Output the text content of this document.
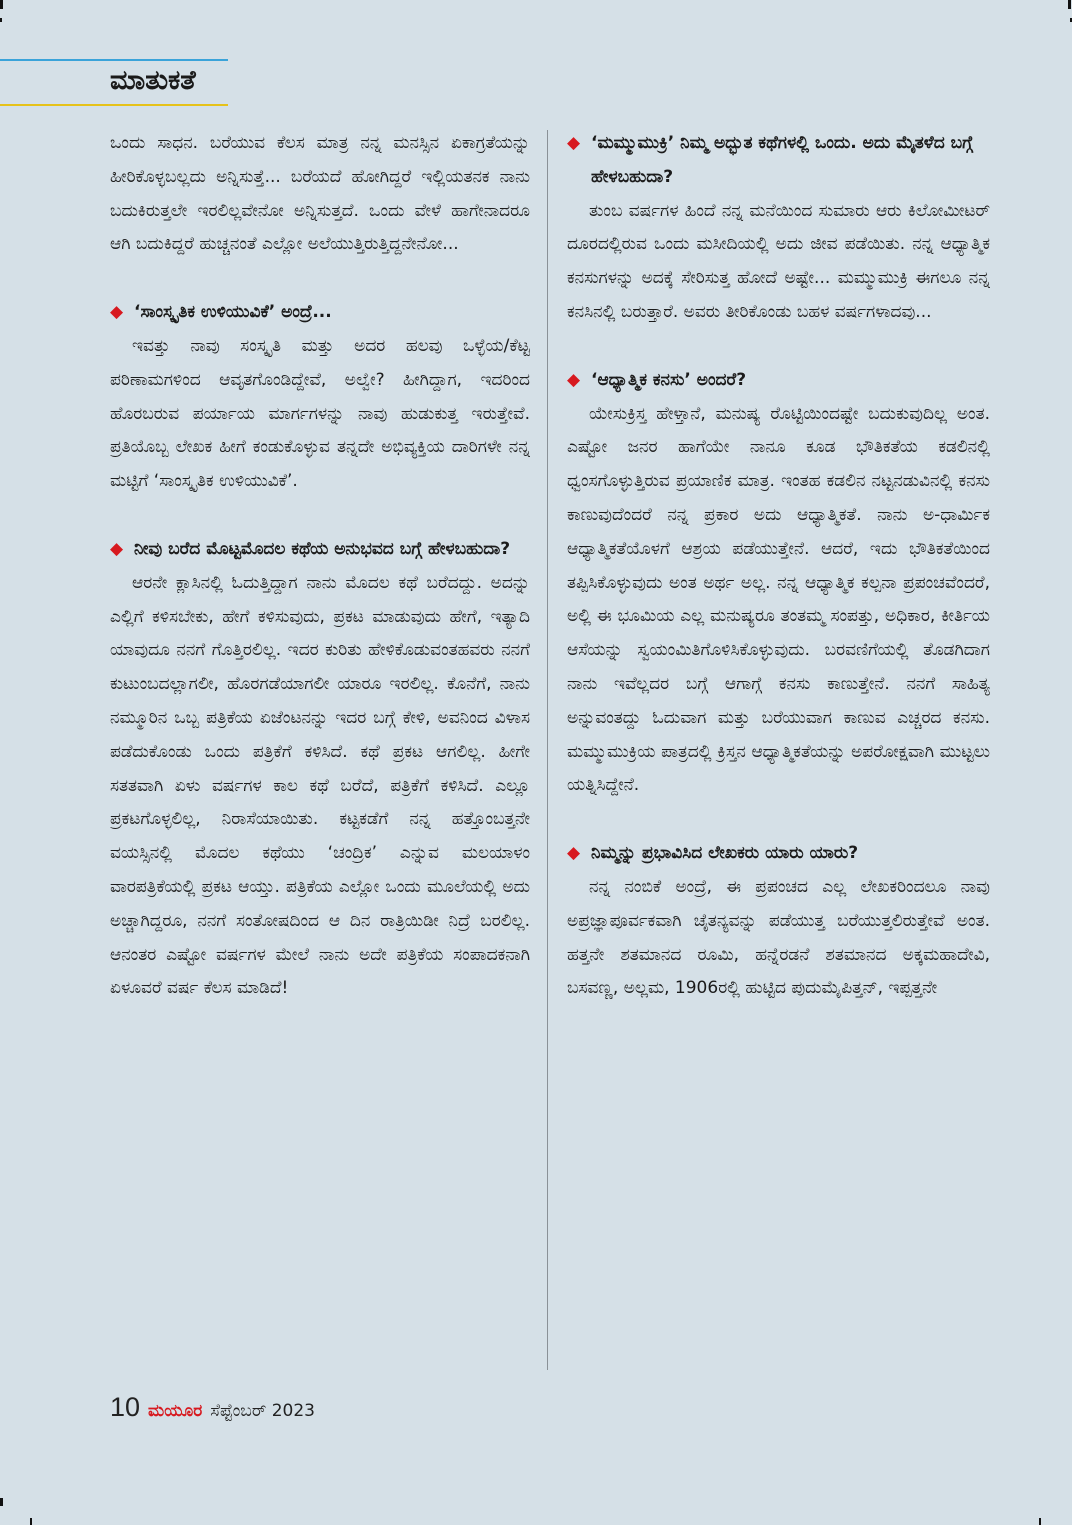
ಮಾತುಕತೆ

ಒಂದು ಸಾಧನ. ಬರೆಯುವ ಕೆಲಸ ಮಾತ್ರ ನನ್ನ ಮನಸ್ಸಿನ ಏಕಾಗ್ರತೆಯನ್ನು ಹೀರಿಕೊಳ್ಳಬಲ್ಲದು ಅನ್ನಿಸುತ್ತೆ... ಬರೆಯದೆ ಹೋಗಿದ್ದರೆ ಇಲ್ಲಿಯತನಕ ನಾನು ಬದುಕಿರುತ್ತಲೇ ಇರಲಿಲ್ಲವೇನೋ ಅನ್ನಿಸುತ್ತದೆ. ಒಂದು ವೇಳೆ ಹಾಗೇನಾದರೂ ಆಗಿ ಬದುಕಿದ್ದರೆ ಹುಚ್ಚನಂತೆ ಎಲ್ಲೋ ಅಲೆಯುತ್ತಿರುತ್ತಿದ್ದನೇನೋ...

◆ ‘ಸಾಂಸ್ಕೃತಿಕ ಉಳಿಯುವಿಕೆ’ ಅಂದ್ರೆ...

ಇವತ್ತು ನಾವು ಸಂಸ್ಕೃತಿ ಮತ್ತು ಅದರ ಹಲವು ಒಳ್ಳೆಯ/ಕೆಟ್ಟ ಪರಿಣಾಮಗಳಿಂದ ಆವೃತಗೊಂಡಿದ್ದೇವೆ, ಅಲ್ವೇ? ಹೀಗಿದ್ದಾಗ, ಇದರಿಂದ ಹೊರಬರುವ ಪರ್ಯಾಯ ಮಾರ್ಗಗಳನ್ನು ನಾವು ಹುಡುಕುತ್ತ ಇರುತ್ತೇವೆ. ಪ್ರತಿಯೊಬ್ಬ ಲೇಖಕ ಹೀಗೆ ಕಂಡುಕೊಳ್ಳುವ ತನ್ನದೇ ಅಭಿವ್ಯಕ್ತಿಯ ದಾರಿಗಳೇ ನನ್ನ ಮಟ್ಟಿಗೆ ‘ಸಾಂಸ್ಕೃತಿಕ ಉಳಿಯುವಿಕೆ’.

◆ ನೀವು ಬರೆದ ಮೊಟ್ಟಮೊದಲ ಕಥೆಯ ಅನುಭವದ ಬಗ್ಗೆ ಹೇಳಬಹುದಾ?

ಆರನೇ ಕ್ಲಾಸಿನಲ್ಲಿ ಓದುತ್ತಿದ್ದಾಗ ನಾನು ಮೊದಲ ಕಥೆ ಬರೆದದ್ದು. ಅದನ್ನು ಎಲ್ಲಿಗೆ ಕಳಿಸಬೇಕು, ಹೇಗೆ ಕಳಿಸುವುದು, ಪ್ರಕಟ ಮಾಡುವುದು ಹೇಗೆ, ಇತ್ಯಾದಿ ಯಾವುದೂ ನನಗೆ ಗೊತ್ತಿರಲಿಲ್ಲ. ಇದರ ಕುರಿತು ಹೇಳಿಕೊಡುವಂತಹವರು ನನಗೆ ಕುಟುಂಬದಲ್ಲಾಗಲೀ, ಹೊರಗಡೆಯಾಗಲೀ ಯಾರೂ ಇರಲಿಲ್ಲ. ಕೊನೆಗೆ, ನಾನು ನಮ್ಮೂರಿನ ಒಬ್ಬ ಪತ್ರಿಕೆಯ ಏಜೆಂಟನನ್ನು ಇದರ ಬಗ್ಗೆ ಕೇಳಿ, ಅವನಿಂದ ವಿಳಾಸ ಪಡೆದುಕೊಂಡು ಒಂದು ಪತ್ರಿಕೆಗೆ ಕಳಿಸಿದೆ. ಕಥೆ ಪ್ರಕಟ ಆಗಲಿಲ್ಲ. ಹೀಗೇ ಸತತವಾಗಿ ಏಳು ವರ್ಷಗಳ ಕಾಲ ಕಥೆ ಬರೆದೆ, ಪತ್ರಿಕೆಗೆ ಕಳಿಸಿದೆ. ಎಲ್ಲೂ ಪ್ರಕಟಗೊಳ್ಳಲಿಲ್ಲ, ನಿರಾಸೆಯಾಯಿತು. ಕಟ್ಟಕಡೆಗೆ ನನ್ನ ಹತ್ತೊಂಬತ್ತನೇ ವಯಸ್ಸಿನಲ್ಲಿ ಮೊದಲ ಕಥೆಯು ‘ಚಂದ್ರಿಕ’ ಎನ್ನುವ ಮಲಯಾಳಂ ವಾರಪತ್ರಿಕೆಯಲ್ಲಿ ಪ್ರಕಟ ಆಯ್ತು. ಪತ್ರಿಕೆಯ ಎಲ್ಲೋ ಒಂದು ಮೂಲೆಯಲ್ಲಿ ಅದು ಅಚ್ಚಾಗಿದ್ದರೂ, ನನಗೆ ಸಂತೋಷದಿಂದ ಆ ದಿನ ರಾತ್ರಿಯಿಡೀ ನಿದ್ರೆ ಬರಲಿಲ್ಲ. ಆನಂತರ ಎಷ್ಟೋ ವರ್ಷಗಳ ಮೇಲೆ ನಾನು ಅದೇ ಪತ್ರಿಕೆಯ ಸಂಪಾದಕನಾಗಿ ಏಳೂವರೆ ವರ್ಷ ಕೆಲಸ ಮಾಡಿದೆ!

◆ ‘ಮಮ್ಮುಮುಕ್ರಿ’ ನಿಮ್ಮ ಅದ್ಭುತ ಕಥೆಗಳಲ್ಲಿ ಒಂದು. ಅದು ಮೈತಳೆದ ಬಗ್ಗೆ ಹೇಳಬಹುದಾ?

ತುಂಬ ವರ್ಷಗಳ ಹಿಂದೆ ನನ್ನ ಮನೆಯಿಂದ ಸುಮಾರು ಆರು ಕಿಲೋಮೀಟರ್ ದೂರದಲ್ಲಿರುವ ಒಂದು ಮಸೀದಿಯಲ್ಲಿ ಅದು ಜೀವ ಪಡೆಯಿತು. ನನ್ನ ಆಧ್ಯಾತ್ಮಿಕ ಕನಸುಗಳನ್ನು ಅದಕ್ಕೆ ಸೇರಿಸುತ್ತ ಹೋದೆ ಅಷ್ಟೇ... ಮಮ್ಮುಮುಕ್ರಿ ಈಗಲೂ ನನ್ನ ಕನಸಿನಲ್ಲಿ ಬರುತ್ತಾರೆ. ಅವರು ತೀರಿಕೊಂಡು ಬಹಳ ವರ್ಷಗಳಾದವು...

◆ ‘ಆಧ್ಯಾತ್ಮಿಕ ಕನಸು’ ಅಂದರೆ?

ಯೇಸುಕ್ರಿಸ್ತ ಹೇಳ್ತಾನೆ, ಮನುಷ್ಯ ರೊಟ್ಟಿಯಿಂದಷ್ಟೇ ಬದುಕುವುದಿಲ್ಲ ಅಂತ. ಎಷ್ಟೋ ಜನರ ಹಾಗೆಯೇ ನಾನೂ ಕೂಡ ಭೌತಿಕತೆಯ ಕಡಲಿನಲ್ಲಿ ಧ್ವಂಸಗೊಳ್ಳುತ್ತಿರುವ ಪ್ರಯಾಣಿಕ ಮಾತ್ರ. ಇಂತಹ ಕಡಲಿನ ನಟ್ಟನಡುವಿನಲ್ಲಿ ಕನಸು ಕಾಣುವುದೆಂದರೆ ನನ್ನ ಪ್ರಕಾರ ಅದು ಆಧ್ಯಾತ್ಮಿಕತೆ. ನಾನು ಅ-ಧಾರ್ಮಿಕ ಆಧ್ಯಾತ್ಮಿಕತೆಯೊಳಗೆ ಆಶ್ರಯ ಪಡೆಯುತ್ತೇನೆ. ಆದರೆ, ಇದು ಭೌತಿಕತೆಯಿಂದ ತಪ್ಪಿಸಿಕೊಳ್ಳುವುದು ಅಂತ ಅರ್ಥ ಅಲ್ಲ. ನನ್ನ ಆಧ್ಯಾತ್ಮಿಕ ಕಲ್ಪನಾ ಪ್ರಪಂಚವೆಂದರೆ, ಅಲ್ಲಿ ಈ ಭೂಮಿಯ ಎಲ್ಲ ಮನುಷ್ಯರೂ ತಂತಮ್ಮ ಸಂಪತ್ತು, ಅಧಿಕಾರ, ಕೀರ್ತಿಯ ಆಸೆಯನ್ನು ಸ್ವಯಂಮಿತಿಗೊಳಿಸಿಕೊಳ್ಳುವುದು. ಬರವಣಿಗೆಯಲ್ಲಿ ತೊಡಗಿದಾಗ ನಾನು ಇವೆಲ್ಲದರ ಬಗ್ಗೆ ಆಗಾಗ್ಗೆ ಕನಸು ಕಾಣುತ್ತೇನೆ. ನನಗೆ ಸಾಹಿತ್ಯ ಅನ್ನುವಂತದ್ದು ಓದುವಾಗ ಮತ್ತು ಬರೆಯುವಾಗ ಕಾಣುವ ಎಚ್ಚರದ ಕನಸು. ಮಮ್ಮುಮುಕ್ರಿಯ ಪಾತ್ರದಲ್ಲಿ ಕ್ರಿಸ್ತನ ಆಧ್ಯಾತ್ಮಿಕತೆಯನ್ನು ಅಪರೋಕ್ಷವಾಗಿ ಮುಟ್ಟಲು ಯತ್ನಿಸಿದ್ದೇನೆ.

◆ ನಿಮ್ಮನ್ನು ಪ್ರಭಾವಿಸಿದ ಲೇಖಕರು ಯಾರು ಯಾರು?

ನನ್ನ ನಂಬಿಕೆ ಅಂದ್ರೆ, ಈ ಪ್ರಪಂಚದ ಎಲ್ಲ ಲೇಖಕರಿಂದಲೂ ನಾವು ಅಪ್ರಜ್ಞಾಪೂರ್ವಕವಾಗಿ ಚೈತನ್ಯವನ್ನು ಪಡೆಯುತ್ತ ಬರೆಯುತ್ತಲಿರುತ್ತೇವೆ ಅಂತ. ಹತ್ತನೇ ಶತಮಾನದ ರೂಮಿ, ಹನ್ನೆರಡನೆ ಶತಮಾನದ ಅಕ್ಕಮಹಾದೇವಿ, ಬಸವಣ್ಣ, ಅಲ್ಲಮ, 1906ರಲ್ಲಿ ಹುಟ್ಟಿದ ಪುದುಮೈಪಿತ್ತನ್, ಇಪ್ಪತ್ತನೇ

10 ಮಯೂರ ಸೆಪ್ಟೆಂಬರ್ 2023
